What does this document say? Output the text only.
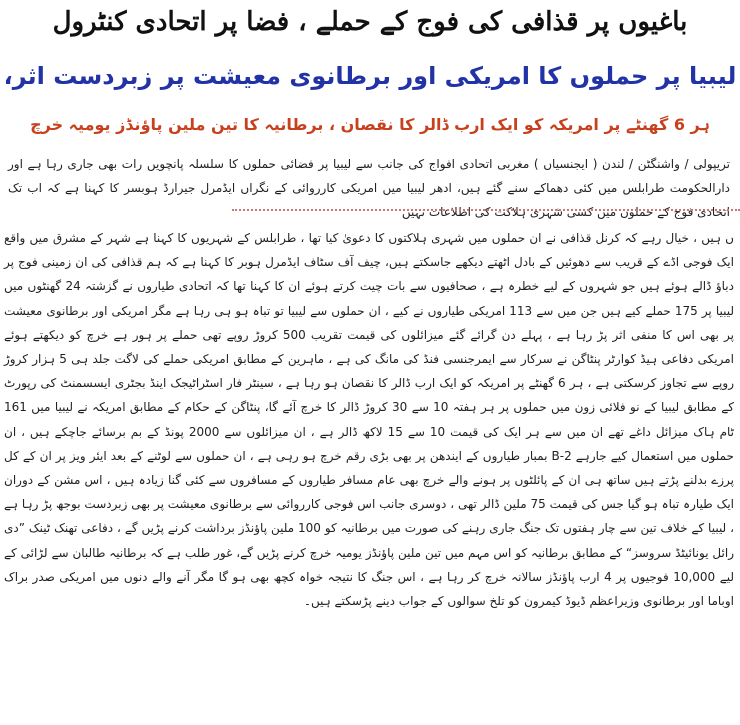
باغیوں پر قذافی کی فوج کے حملے ، فضا پر اتحادی کنٹرول
لیبیا پر حملوں کا امریکی اور برطانوی معیشت پر زبردست اثر،
ہر 6 گھنٹے پر امریکہ کو ایک ارب ڈالر کا نقصان ، برطانیہ کا تین ملین پاؤنڈز یومیہ خرچ

تریپولی / واشنگٹن / لندن ( ایجنسیاں ) مغربی اتحادی افواج کی جانب سے لیبیا پر فضائی حملوں کا سلسلہ پانچویں رات بھی جاری رہا ہے اور دارالحکومت طرابلس میں کئی دھماکے سنے گئے ہیں، ادھر لیبیا میں امریکی کارروائی کے نگراں ایڈمرل جیرارڈ ہوبسر کا کہنا ہے کہ اب تک اتحادی فوج کے حملوں میں کسی شہری ہلاکت کی اطلاعات نہیں

ں ہیں ، خیال رہے کہ کرنل قذافی نے ان حملوں میں شہری ہلاکتوں کا دعویٰ کیا تھا ، طرابلس کے شہریوں کا کہنا ہے شہر کے مشرق میں واقع ایک فوجی اڈے کے قریب سے دھوئیں کے بادل اٹھتے دیکھے جاسکتے ہیں، چیف آف سٹاف ایڈمرل ہوبر کا کہنا ہے کہ ہم قذافی کی ان زمینی فوج پر دباؤ ڈالے ہوئے ہیں جو شہروں کے لیے خطرہ ہے ، صحافیوں سے بات چیت کرتے ہوئے ان کا کہنا تھا کہ اتحادی طیاروں نے گزشتہ 24 گھنٹوں میں لیبیا پر 175 حملے کیے ہیں جن میں سے 113 امریکی طیاروں نے کیے ، ان حملوں سے لیبیا تو تباہ ہو ہی رہا ہے مگر امریکی اور برطانوی معیشت پر بھی اس کا منفی اثر پڑ رہا ہے ، پہلے دن گرائے گئے میزائلوں کی قیمت تقریب 500 کروڑ روپے تھی حملے پر ہور ہے خرچ کو دیکھتے ہوئے امریکی دفاعی ہیڈ کوارٹر پنٹاگن نے سرکار سے ایمرجنسی فنڈ کی مانگ کی ہے ، ماہرین کے مطابق امریکی حملے کی لاگت جلد ہی 5 ہزار کروڑ روپے سے تجاوز کرسکتی ہے ، ہر 6 گھنٹے پر امریکہ کو ایک ارب ڈالر کا نقصان ہو رہا ہے ، سینٹر فار اسٹراٹیجک اینڈ بجٹری ایسسمنٹ کی رپورٹ کے مطابق لیبیا کے نو فلائی زون میں حملوں پر ہر ہفتہ 10 سے 30 کروڑ ڈالر کا خرچ آئے گا، پنٹاگن کے حکام کے مطابق امریکہ نے لیبیا میں 161 ٹام ہاک میزائل داغے تھے ان میں سے ہر ایک کی قیمت 10 سے 15 لاکھ ڈالر ہے ، ان میزائلوں سے 2000 پونڈ کے بم برسائے جاچکے ہیں ، ان حملوں میں استعمال کیے جارہے B-2 بمبار طیاروں کے ایندھن پر بھی بڑی رقم خرچ ہو رہی ہے ، ان حملوں سے لوٹنے کے بعد ایئر ویز پر ان کے کل پرزے بدلنے پڑتے ہیں ساتھ ہی ان کے پائلٹوں پر ہونے والے خرچ بھی عام مسافر طیاروں کے مسافروں سے کئی گنا زیادہ ہیں ، اس مشن کے دوران ایک طیارہ تباہ ہو گیا جس کی قیمت 75 ملین ڈالر تھی ، دوسری جانب اس فوجی کارروائی سے برطانوی معیشت پر بھی زبردست بوجھ پڑ رہا ہے ، لیبیا کے خلاف تین سے چار ہفتوں تک جنگ جاری رہنے کی صورت میں برطانیہ کو 100 ملین پاؤنڈز برداشت کرنے پڑیں گے ، دفاعی تھنک ٹینک ”دی رائل یونائیٹڈ سروسز“ کے مطابق برطانیہ کو اس مہم میں تین ملین پاؤنڈز یومیہ خرچ کرنے پڑیں گے، غور طلب ہے کہ برطانیہ طالبان سے لڑائی کے لیے 10,000 فوجیوں پر 4 ارب پاؤنڈز سالانہ خرچ کر رہا ہے ، اس جنگ کا نتیجہ خواہ کچھ بھی ہو گا مگر آنے والے دنوں میں امریکی صدر براک اوباما اور برطانوی وزیراعظم ڈیوڈ کیمرون کو تلخ سوالوں کے جواب دینے پڑسکتے ہیں۔
